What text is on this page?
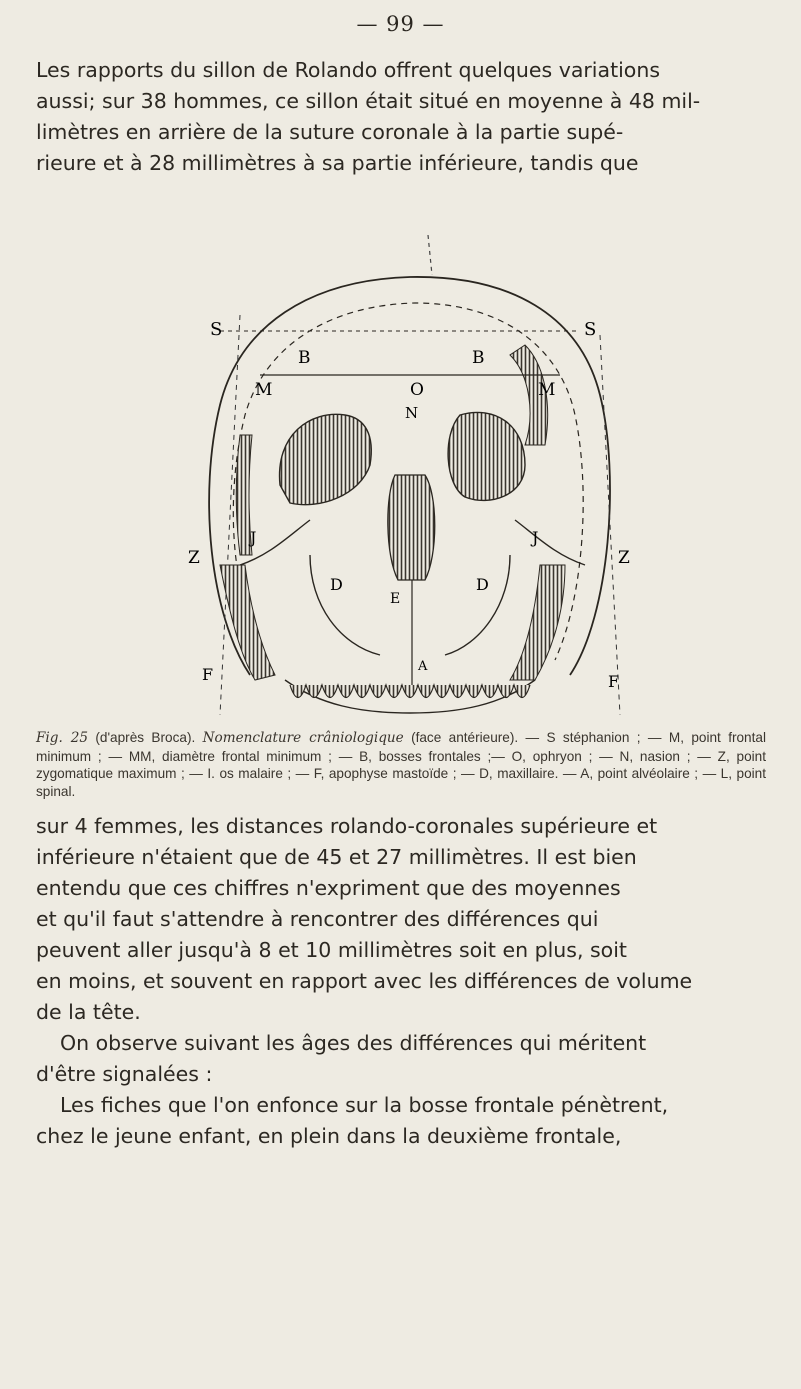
— 99 —
Les rapports du sillon de Rolando offrent quelques variations
aussi; sur 38 hommes, ce sillon était situé en moyenne à 48 mil-
limètres en arrière de la suture coronale à la partie supé-
rieure et à 28 millimètres à sa partie inférieure, tandis que
S	S
B	B
M	O	M
N
Z	Z
J	J
D	D
E
A
F	F
Fig. 25 (d'après Broca). Nomenclature crâniologique (face antérieure). — S stéphanion ; — M, point frontal minimum ; — MM, diamètre frontal minimum ; — B, bosses frontales ;— O, ophryon ; — N, nasion ; — Z, point zygomatique maximum ; — I. os malaire ; — F, apophyse mastoïde ; — D, maxillaire. — A, point alvéolaire ; — L, point spinal.
sur 4 femmes, les distances rolando-coronales supérieure et
inférieure n'étaient que de 45 et 27 millimètres. Il est bien
entendu que ces chiffres n'expriment que des moyennes
et qu'il faut s'attendre à rencontrer des différences qui
peuvent aller jusqu'à 8 et 10 millimètres soit en plus, soit
en moins, et souvent en rapport avec les différences de volume
de la tête.
On observe suivant les âges des différences qui méritent
d'être signalées :
Les fiches que l'on enfonce sur la bosse frontale pénètrent,
chez le jeune enfant, en plein dans la deuxième frontale,
